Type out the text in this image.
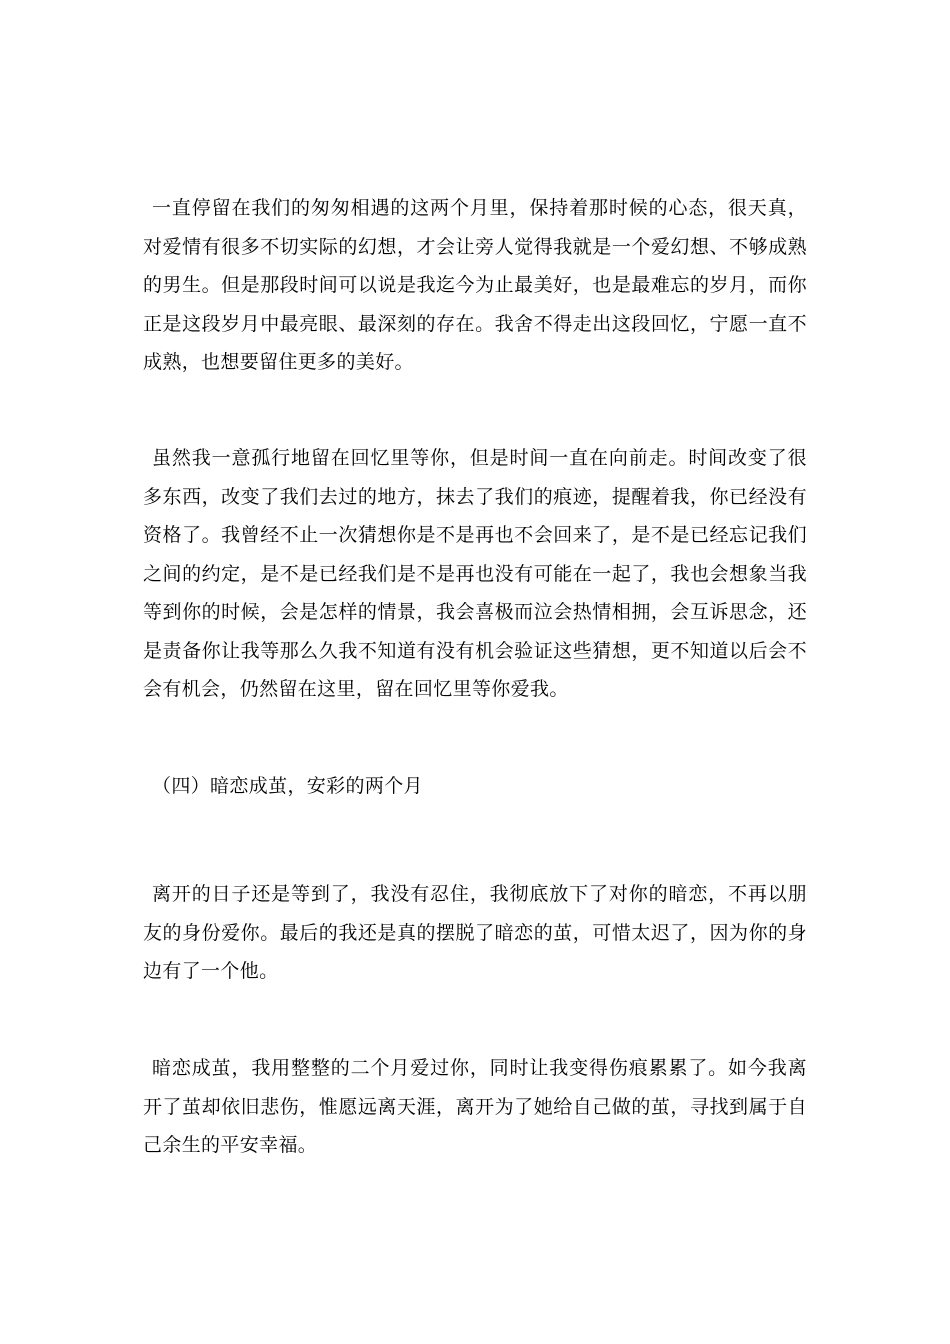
一直停留在我们的匆匆相遇的这两个月里，保持着那时候的心态，很天真，对爱情有很多不切实际的幻想，才会让旁人觉得我就是一个爱幻想、不够成熟的男生。但是那段时间可以说是我迄今为止最美好，也是最难忘的岁月，而你正是这段岁月中最亮眼、最深刻的存在。我舍不得走出这段回忆，宁愿一直不成熟，也想要留住更多的美好。

虽然我一意孤行地留在回忆里等你，但是时间一直在向前走。时间改变了很多东西，改变了我们去过的地方，抹去了我们的痕迹，提醒着我，你已经没有资格了。我曾经不止一次猜想你是不是再也不会回来了，是不是已经忘记我们之间的约定，是不是已经我们是不是再也没有可能在一起了，我也会想象当我等到你的时候，会是怎样的情景，我会喜极而泣会热情相拥，会互诉思念，还是责备你让我等那么久我不知道有没有机会验证这些猜想，更不知道以后会不会有机会，仍然留在这里，留在回忆里等你爱我。

（四）暗恋成茧，安彩的两个月

离开的日子还是等到了，我没有忍住，我彻底放下了对你的暗恋，不再以朋友的身份爱你。最后的我还是真的摆脱了暗恋的茧，可惜太迟了，因为你的身边有了一个他。

暗恋成茧，我用整整的二个月爱过你，同时让我变得伤痕累累了。如今我离开了茧却依旧悲伤，惟愿远离天涯，离开为了她给自己做的茧，寻找到属于自己余生的平安幸福。
